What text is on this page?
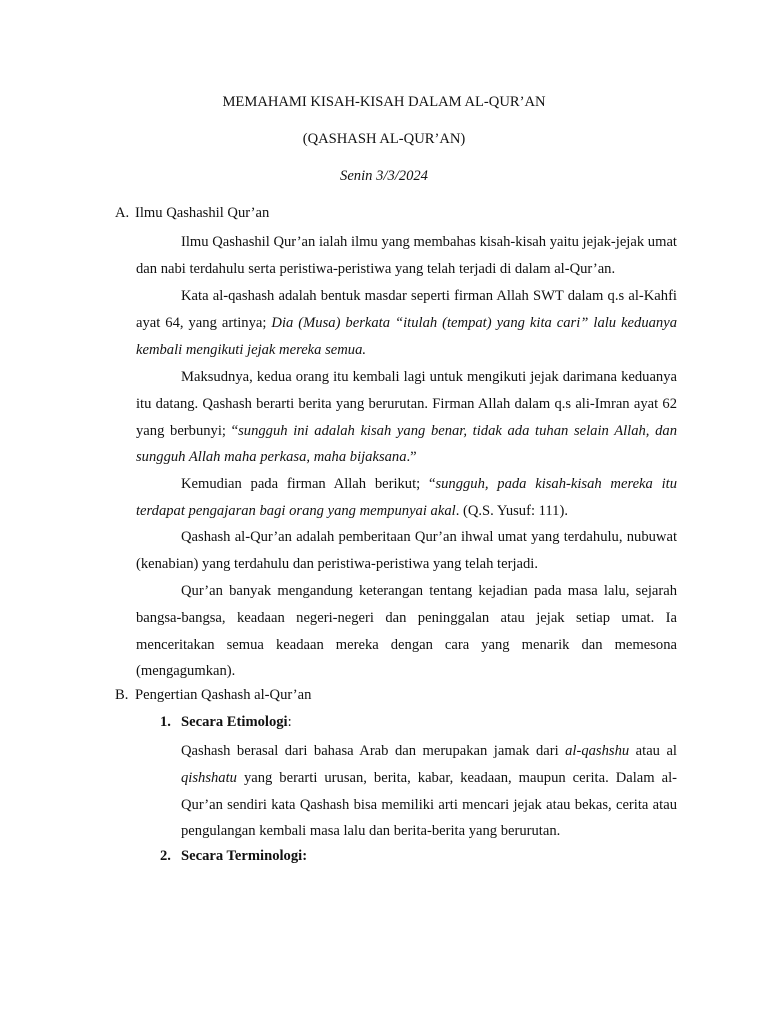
MEMAHAMI KISAH-KISAH DALAM AL-QUR’AN
(QASHASH AL-QUR’AN)
Senin 3/3/2024
A. Ilmu Qashashil Qur’an

Ilmu Qashashil Qur’an ialah ilmu yang membahas kisah-kisah yaitu jejak-jejak umat dan nabi terdahulu serta peristiwa-peristiwa yang telah terjadi di dalam al-Qur’an.

Kata al-qashash adalah bentuk masdar seperti firman Allah SWT dalam q.s al-Kahfi ayat 64, yang artinya; Dia (Musa) berkata “itulah (tempat) yang kita cari” lalu keduanya kembali mengikuti jejak mereka semua.

Maksudnya, kedua orang itu kembali lagi untuk mengikuti jejak darimana keduanya itu datang. Qashash berarti berita yang berurutan. Firman Allah dalam q.s ali-Imran ayat 62 yang berbunyi; “sungguh ini adalah kisah yang benar, tidak ada tuhan selain Allah, dan sungguh Allah maha perkasa, maha bijaksana.”

Kemudian pada firman Allah berikut; “sungguh, pada kisah-kisah mereka itu terdapat pengajaran bagi orang yang mempunyai akal. (Q.S. Yusuf: 111).

Qashash al-Qur’an adalah pemberitaan Qur’an ihwal umat yang terdahulu, nubuwat (kenabian) yang terdahulu dan peristiwa-peristiwa yang telah terjadi.

Qur’an banyak mengandung keterangan tentang kejadian pada masa lalu, sejarah bangsa-bangsa, keadaan negeri-negeri dan peninggalan atau jejak setiap umat. Ia menceritakan semua keadaan mereka dengan cara yang menarik dan memesona (mengagumkan).

B. Pengertian Qashash al-Qur’an
1. Secara Etimologi:

Qashash berasal dari bahasa Arab dan merupakan jamak dari al-qashshu atau al qishshatu yang berarti urusan, berita, kabar, keadaan, maupun cerita. Dalam al-Qur’an sendiri kata Qashash bisa memiliki arti mencari jejak atau bekas, cerita atau pengulangan kembali masa lalu dan berita-berita yang berurutan.

2. Secara Terminologi:
